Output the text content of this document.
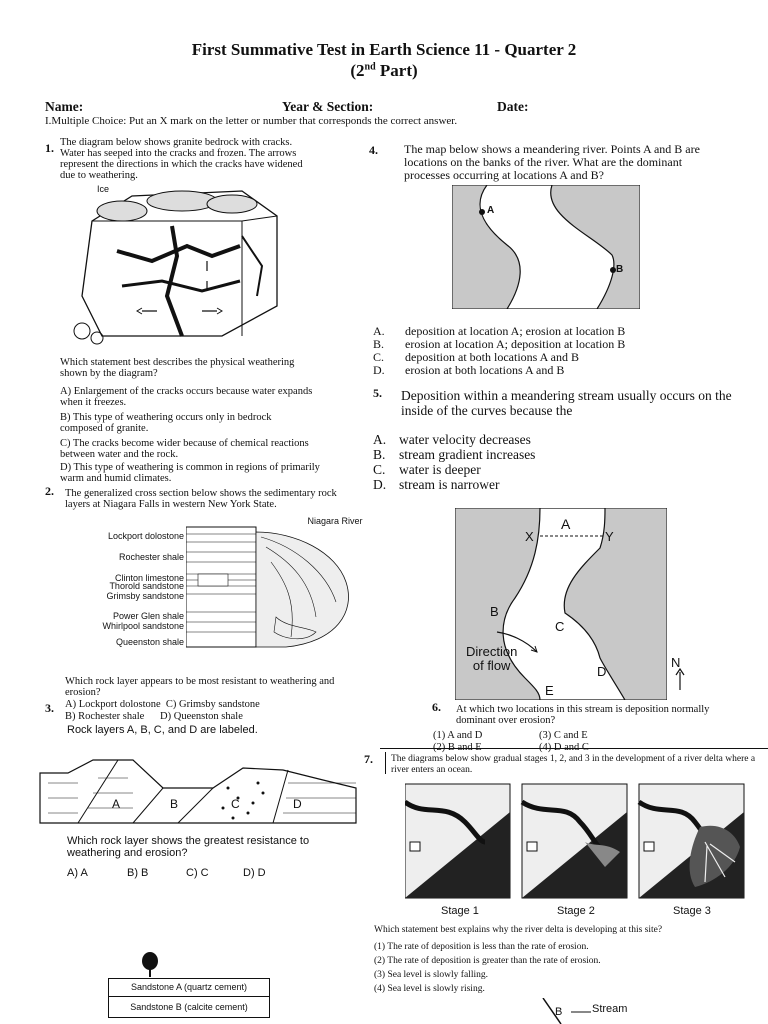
First Summative Test in Earth Science 11 - Quarter 2
(2nd Part)
Name:	Year & Section:	Date:
I.Multiple Choice: Put an X mark on the letter or number that corresponds the correct answer.
1. The diagram below shows granite bedrock with cracks. Water has seeped into the cracks and frozen. The arrows represent the directions in which the cracks have widened due to weathering.
Ice
Which statement best describes the physical weathering shown by the diagram?
A) Enlargement of the cracks occurs because water expands when it freezes.
B) This type of weathering occurs only in bedrock composed of granite.
C) The cracks become wider because of chemical reactions between water and the rock.
D) This type of weathering is common in regions of primarily warm and humid climates.
2. The generalized cross section below shows the sedimentary rock layers at Niagara Falls in western New York State.
Niagara River
Lockport dolostone
Rochester shale
Clinton limestone
Thorold sandstone
Grimsby sandstone
Power Glen shale
Whirlpool sandstone
Queenston shale
Which rock layer appears to be most resistant to weathering and erosion?
3. A) Lockport dolostone  C) Grimsby sandstone
B) Rochester shale      D) Queenston shale
Rock layers A, B, C, and D are labeled.
A	B	C	D
Which rock layer shows the greatest resistance to weathering and erosion?
A) A	B) B	C) C	D) D
Sandstone A (quartz cement)
Sandstone B (calcite cement)
4. The map below shows a meandering river. Points A and B are locations on the banks of the river. What are the dominant processes occurring at locations A and B?
A
B
A.	deposition at location A; erosion at location B
B.	erosion at location A; deposition at location B
C.	deposition at both locations A and B
D.	erosion at both locations A and B
5. Deposition within a meandering stream usually occurs on the inside of the curves because the
A. water velocity decreases
B.	stream gradient increases
C.	water is deeper
D. stream is narrower
A
X	Y
B
C
D
E
Direction
of flow	N
6. At which two locations in this stream is deposition normally dominant over erosion?
(1) A and D	(3) C and E
(2) B and E	(4) D and C
7. The diagrams below show gradual stages 1, 2, and 3 in the development of a river delta where a river enters an ocean.
Stage 1	Stage 2	Stage 3
Which statement best explains why the river delta is developing at this site?
(1) The rate of deposition is less than the rate of erosion.
(2) The rate of deposition is greater than the rate of erosion.
(3) Sea level is slowly falling.
(4) Sea level is slowly rising.
B	Stream
